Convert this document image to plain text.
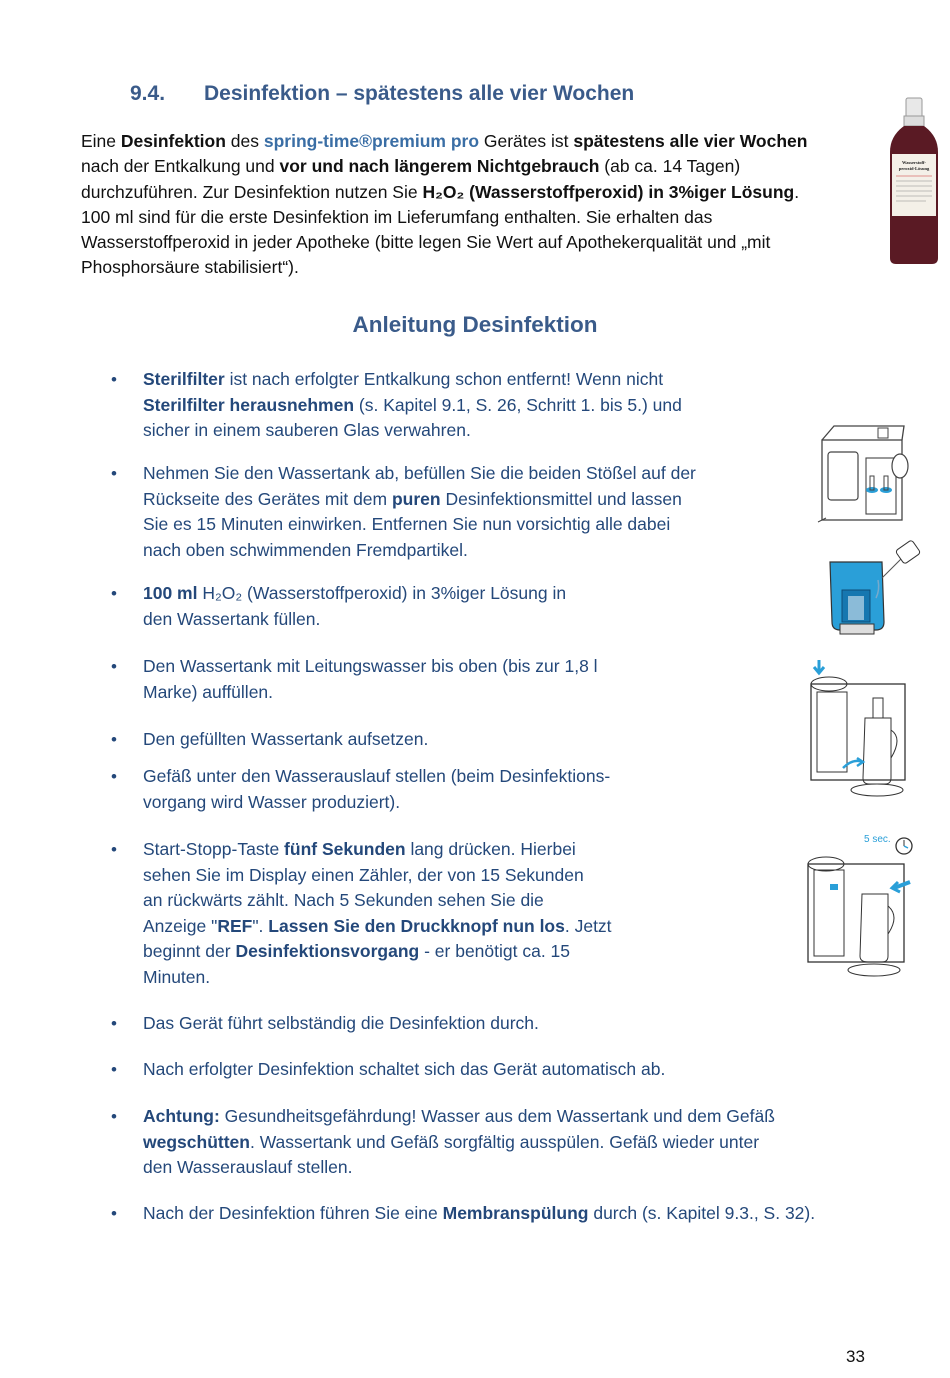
9.4. Desinfektion – spätestens alle vier Wochen
Eine Desinfektion des spring-time®premium pro Gerätes ist spätestens alle vier Wochen
nach der Entkalkung und vor und nach längerem Nichtgebrauch (ab ca. 14 Tagen)
durchzuführen. Zur Desinfektion nutzen Sie H₂O₂ (Wasserstoffperoxid) in 3%iger Lösung.
100 ml sind für die erste Desinfektion im Lieferumfang enthalten. Sie erhalten das
Wasserstoffperoxid in jeder Apotheke (bitte legen Sie Wert auf Apothekerqualität und „mit
Phosphorsäure stabilisiert“).
Wasserstoff-
peroxid-Lösung
Anleitung Desinfektion
• Sterilfilter ist nach erfolgter Entkalkung schon entfernt! Wenn nicht
Sterilfilter herausnehmen (s. Kapitel 9.1, S. 26, Schritt 1. bis 5.) und
sicher in einem sauberen Glas verwahren.
• Nehmen Sie den Wassertank ab, befüllen Sie die beiden Stößel auf der
Rückseite des Gerätes mit dem puren Desinfektionsmittel und lassen
Sie es 15 Minuten einwirken. Entfernen Sie nun vorsichtig alle dabei
nach oben schwimmenden Fremdpartikel.
• 100 ml H₂O₂ (Wasserstoffperoxid) in 3%iger Lösung in
den Wassertank füllen.
• Den Wassertank mit Leitungswasser bis oben (bis zur 1,8 l
Marke) auffüllen.
• Den gefüllten Wassertank aufsetzen.
• Gefäß unter den Wasserauslauf stellen (beim Desinfektions-
vorgang wird Wasser produziert).
• Start-Stopp-Taste fünf Sekunden lang drücken. Hierbei
sehen Sie im Display einen Zähler, der von 15 Sekunden
an rückwärts zählt. Nach 5 Sekunden sehen Sie die
Anzeige "REF". Lassen Sie den Druckknopf nun los. Jetzt
beginnt der Desinfektionsvorgang - er benötigt ca. 15
Minuten.
• Das Gerät führt selbständig die Desinfektion durch.
• Nach erfolgter Desinfektion schaltet sich das Gerät automatisch ab.
• Achtung: Gesundheitsgefährdung! Wasser aus dem Wassertank und dem Gefäß
wegschütten. Wassertank und Gefäß sorgfältig ausspülen. Gefäß wieder unter
den Wasserauslauf stellen.
• Nach der Desinfektion führen Sie eine Membranspülung durch (s. Kapitel 9.3., S. 32).
5 sec.
33
